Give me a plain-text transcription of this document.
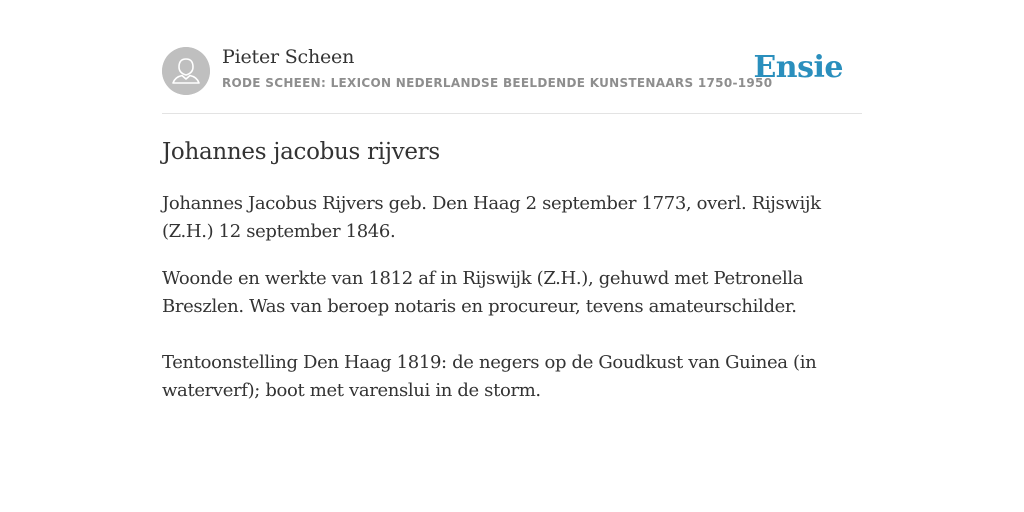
Pieter Scheen
RODE SCHEEN: LEXICON NEDERLANDSE BEELDENDE KUNSTENAARS 1750-1950
Ensie
Johannes jacobus rijvers

Johannes Jacobus Rijvers geb. Den Haag 2 september 1773, overl. Rijswijk (Z.H.) 12 september 1846.

Woonde en werkte van 1812 af in Rijswijk (Z.H.), gehuwd met Petronella Breszlen. Was van beroep notaris en procureur, tevens amateurschilder.

Tentoonstelling Den Haag 1819: de negers op de Goudkust van Guinea (in waterverf); boot met varenslui in de storm.
